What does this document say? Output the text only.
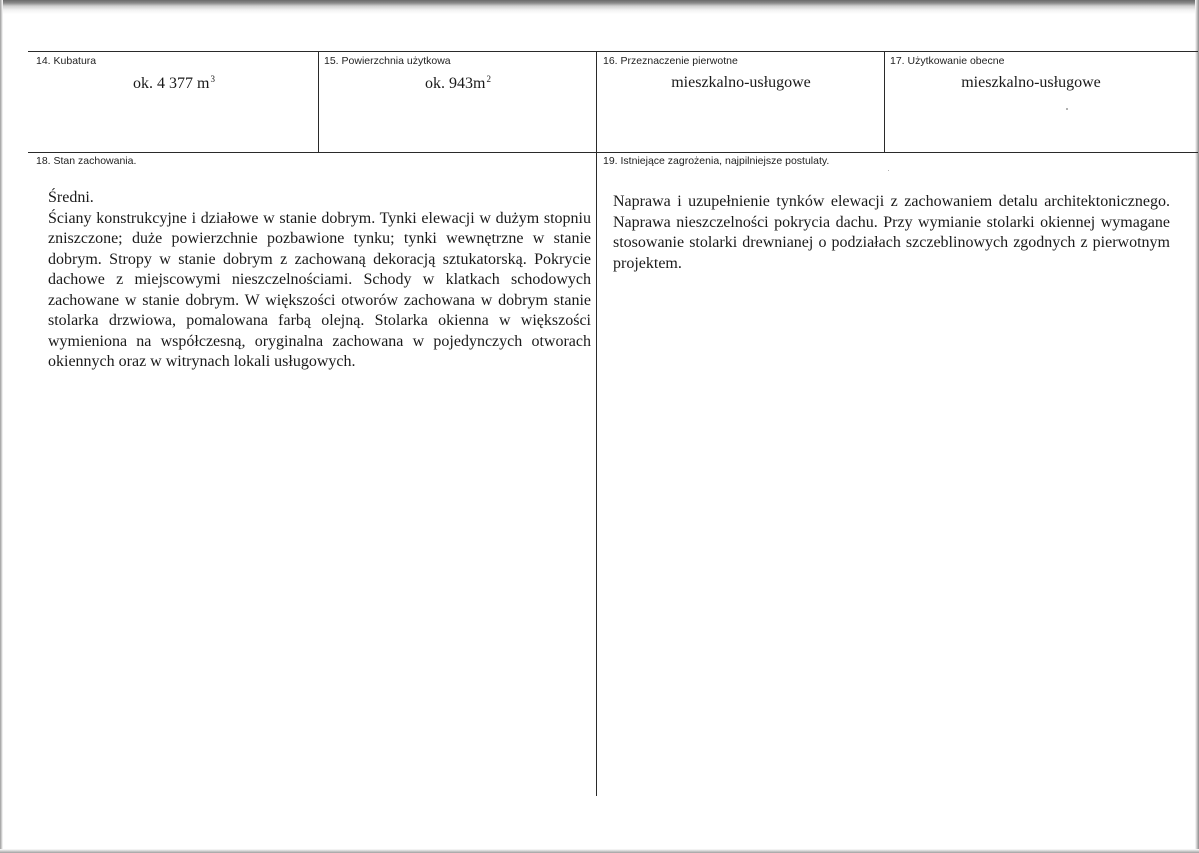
14. Kubatura
ok. 4 377 $m^3$
15. Powierzchnia użytkowa
ok. $943m^2$
16. Przeznaczenie pierwotne
mieszkalno-usługowe
17. Użytkowanie obecne
mieszkalno-usługowe
18. Stan zachowania.

Średni.

Ściany konstrukcyjne i działowe w stanie dobrym. Tynki elewacji w dużym stopniu zniszczone; duże powierzchnie pozbawione tynku; tynki wewnętrzne w stanie dobrym. Stropy w stanie dobrym z zachowaną dekoracją sztukatorską. Pokrycie dachowe z miejscowymi nieszczelnościami. Schody w klatkach schodowych zachowane w stanie dobrym. W większości otworów zachowana w dobrym stanie stolarka drzwiowa, pomalowana farbą olejną. Stolarka okienna w większości wymieniona na współczesną, oryginalna zachowana w pojedynczych otworach okiennych oraz w witrynach lokali usługowych.

19. Istniejące zagrożenia, najpilniejsze postulaty.

Naprawa i uzupełnienie tynków elewacji z zachowaniem detalu architektonicznego. Naprawa nieszczelności pokrycia dachu. Przy wymianie stolarki okiennej wymagane stosowanie stolarki drewnianej o podziałach szczeblinowych zgodnych z pierwotnym projektem.
